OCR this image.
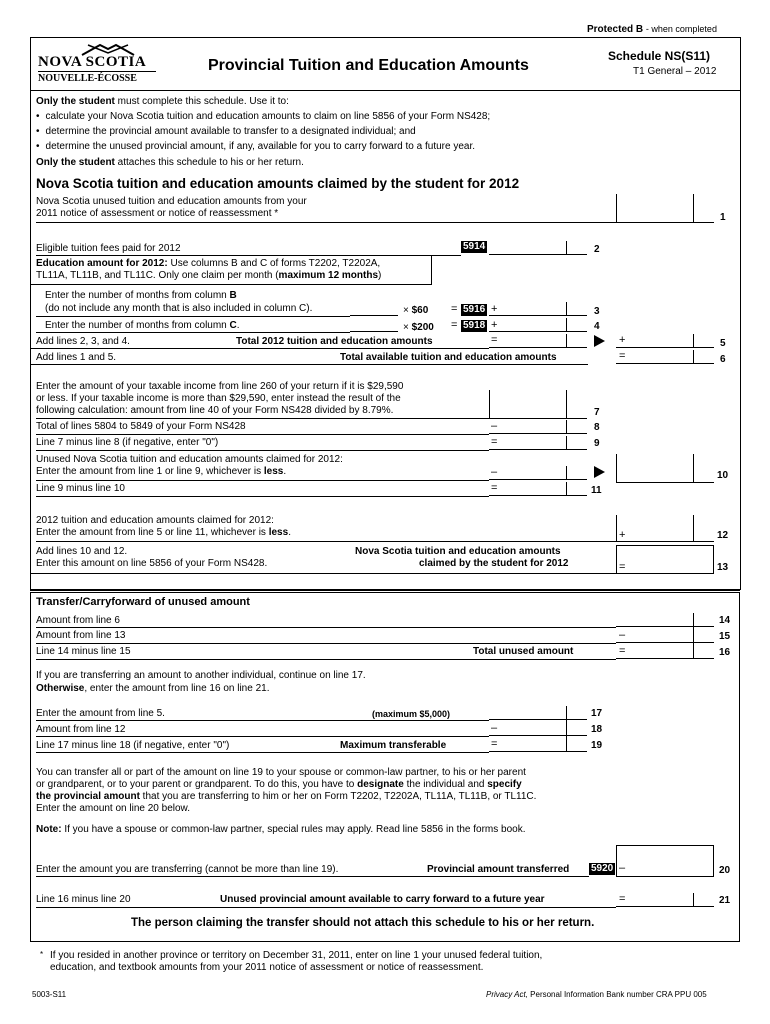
Protected B - when completed
NOVA SCOTIA
NOUVELLE-ÉCOSSE
Provincial Tuition and Education Amounts
Schedule NS(S11)
T1 General – 2012
Only the student must complete this schedule. Use it to:
• calculate your Nova Scotia tuition and education amounts to claim on line 5856 of your Form NS428;
• determine the provincial amount available to transfer to a designated individual; and
• determine the unused provincial amount, if any, available for you to carry forward to a future year.
Only the student attaches this schedule to his or her return.
Nova Scotia tuition and education amounts claimed by the student for 2012
Nova Scotia unused tuition and education amounts from your
2011 notice of assessment or notice of reassessment *	1
Eligible tuition fees paid for 2012	5914	2
Education amount for 2012: Use columns B and C of forms T2202, T2202A,
TL11A, TL11B, and TL11C. Only one claim per month (maximum 12 months)
Enter the number of months from column B
(do not include any month that is also included in column C).	× $60 = 5916 +	3
Enter the number of months from column C.	× $200 = 5918 +	4
Add lines 2, 3, and 4.	Total 2012 tuition and education amounts	=	+	5
Add lines 1 and 5.	Total available tuition and education amounts	=	6
Enter the amount of your taxable income from line 260 of your return if it is $29,590
or less. If your taxable income is more than $29,590, enter instead the result of the
following calculation: amount from line 40 of your Form NS428 divided by 8.79%.	7
Total of lines 5804 to 5849 of your Form NS428	–	8
Line 7 minus line 8 (if negative, enter "0")	=	9
Unused Nova Scotia tuition and education amounts claimed for 2012:
Enter the amount from line 1 or line 9, whichever is less.	–	10
Line 9 minus line 10	=	11
2012 tuition and education amounts claimed for 2012:
Enter the amount from line 5 or line 11, whichever is less.	+	12
Add lines 10 and 12.
Enter this amount on line 5856 of your Form NS428.
Nova Scotia tuition and education amounts
claimed by the student for 2012	=	13
Transfer/Carryforward of unused amount
Amount from line 6	14
Amount from line 13	–	15
Line 14 minus line 15	Total unused amount	=	16
If you are transferring an amount to another individual, continue on line 17.
Otherwise, enter the amount from line 16 on line 21.
Enter the amount from line 5.	(maximum $5,000)	17
Amount from line 12	–	18
Line 17 minus line 18 (if negative, enter "0")	Maximum transferable	=	19
You can transfer all or part of the amount on line 19 to your spouse or common-law partner, to his or her parent
or grandparent, or to your parent or grandparent. To do this, you have to designate the individual and specify
the provincial amount that you are transferring to him or her on Form T2202, T2202A, TL11A, TL11B, or TL11C.
Enter the amount on line 20 below.
Note: If you have a spouse or common-law partner, special rules may apply. Read line 5856 in the forms book.
Enter the amount you are transferring (cannot be more than line 19).	Provincial amount transferred 5920 –	20
Line 16 minus line 20	Unused provincial amount available to carry forward to a future year	=	21
The person claiming the transfer should not attach this schedule to his or her return.
* If you resided in another province or territory on December 31, 2011, enter on line 1 your unused federal tuition,
education, and textbook amounts from your 2011 notice of assessment or notice of reassessment.
5003-S11	Privacy Act, Personal Information Bank number CRA PPU 005
